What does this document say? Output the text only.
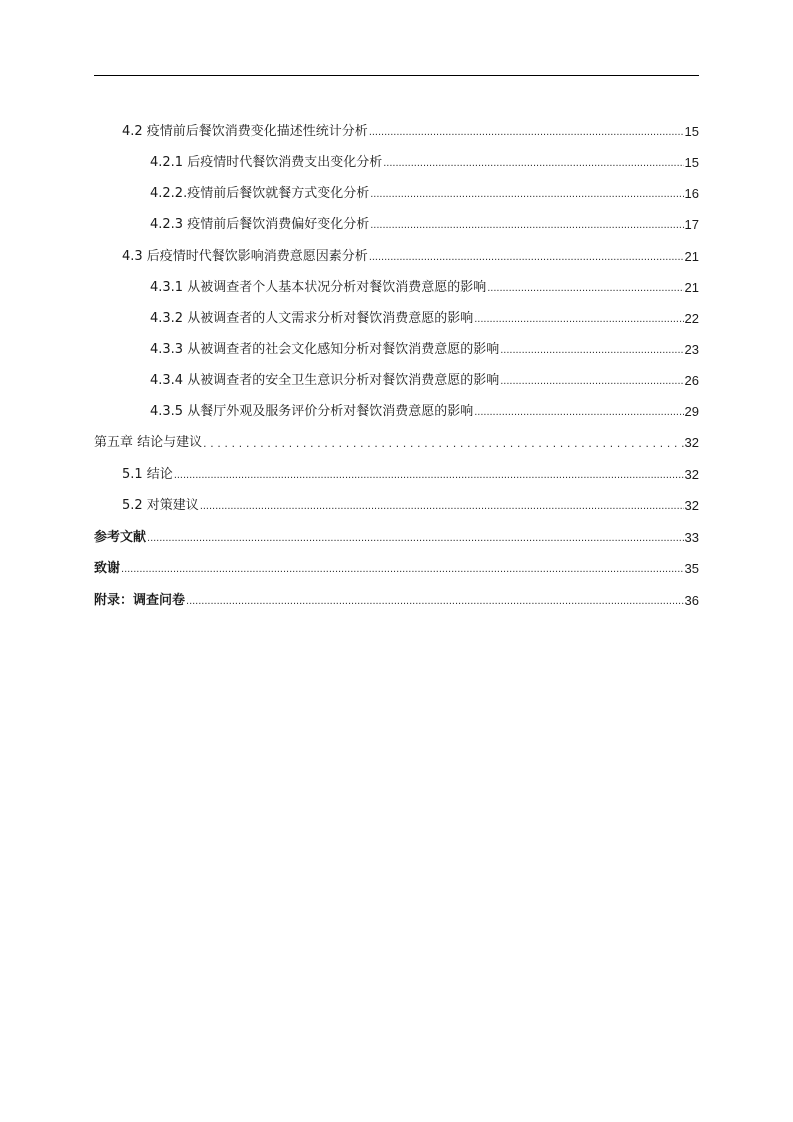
4.2 疫情前后餐饮消费变化描述性统计分析 .....	15
4.2.1 后疫情时代餐饮消费支出变化分析 .....	15
4.2.2.疫情前后餐饮就餐方式变化分析 .....	16
4.2.3 疫情前后餐饮消费偏好变化分析 .....	17
4.3 后疫情时代餐饮影响消费意愿因素分析 .....	21
4.3.1 从被调查者个人基本状况分析对餐饮消费意愿的影响 .....	21
4.3.2 从被调查者的人文需求分析对餐饮消费意愿的影响 .....	22
4.3.3 从被调查者的社会文化感知分析对餐饮消费意愿的影响 .....	23
4.3.4 从被调查者的安全卫生意识分析对餐饮消费意愿的影响 .....	26
4.3.5 从餐厅外观及服务评价分析对餐饮消费意愿的影响 .....	29
第五章 结论与建议 .....	32
5.1 结论 .....	32
5.2 对策建议 .....	32
参考文献 .....	33
致谢 .....	35
附录：调查问卷 .....	36
